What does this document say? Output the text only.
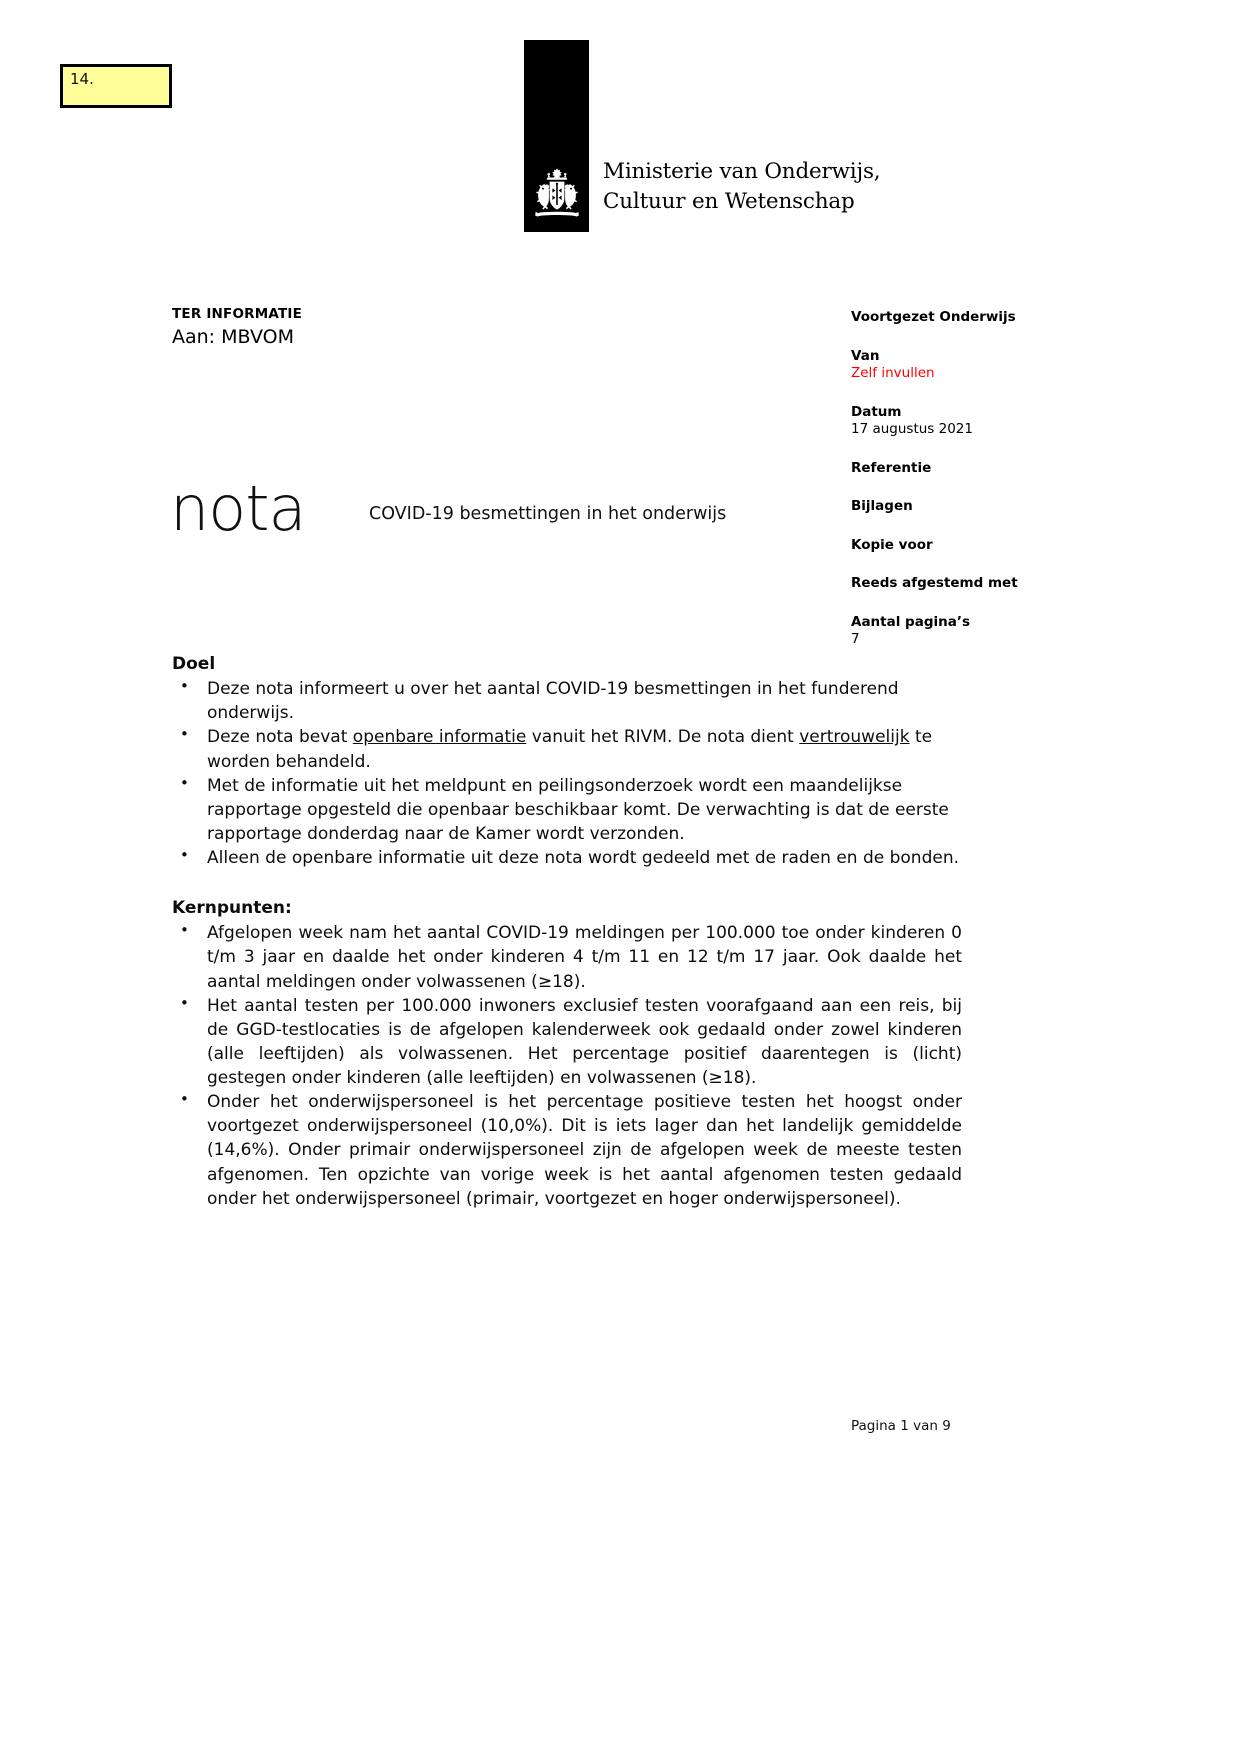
14.
Ministerie van Onderwijs, Cultuur en Wetenschap
TER INFORMATIE
Aan: MBVOM
Voortgezet Onderwijs
Van
Zelf invullen
Datum
17 augustus 2021
Referentie
Bijlagen
Kopie voor
Reeds afgestemd met
Aantal pagina’s
7
nota	COVID-19 besmettingen in het onderwijs
Doel
• Deze nota informeert u over het aantal COVID-19 besmettingen in het funderend onderwijs.
• Deze nota bevat openbare informatie vanuit het RIVM. De nota dient vertrouwelijk te worden behandeld.
• Met de informatie uit het meldpunt en peilingsonderzoek wordt een maandelijkse rapportage opgesteld die openbaar beschikbaar komt. De verwachting is dat de eerste rapportage donderdag naar de Kamer wordt verzonden.
• Alleen de openbare informatie uit deze nota wordt gedeeld met de raden en de bonden.
Kernpunten:
• Afgelopen week nam het aantal COVID-19 meldingen per 100.000 toe onder kinderen 0 t/m 3 jaar en daalde het onder kinderen 4 t/m 11 en 12 t/m 17 jaar. Ook daalde het aantal meldingen onder volwassenen (≥18).
• Het aantal testen per 100.000 inwoners exclusief testen voorafgaand aan een reis, bij de GGD-testlocaties is de afgelopen kalenderweek ook gedaald onder zowel kinderen (alle leeftijden) als volwassenen. Het percentage positief daarentegen is (licht) gestegen onder kinderen (alle leeftijden) en volwassenen (≥18).
• Onder het onderwijspersoneel is het percentage positieve testen het hoogst onder voortgezet onderwijspersoneel (10,0%). Dit is iets lager dan het landelijk gemiddelde (14,6%). Onder primair onderwijspersoneel zijn de afgelopen week de meeste testen afgenomen. Ten opzichte van vorige week is het aantal afgenomen testen gedaald onder het onderwijspersoneel (primair, voortgezet en hoger onderwijspersoneel).
Pagina 1 van 9
